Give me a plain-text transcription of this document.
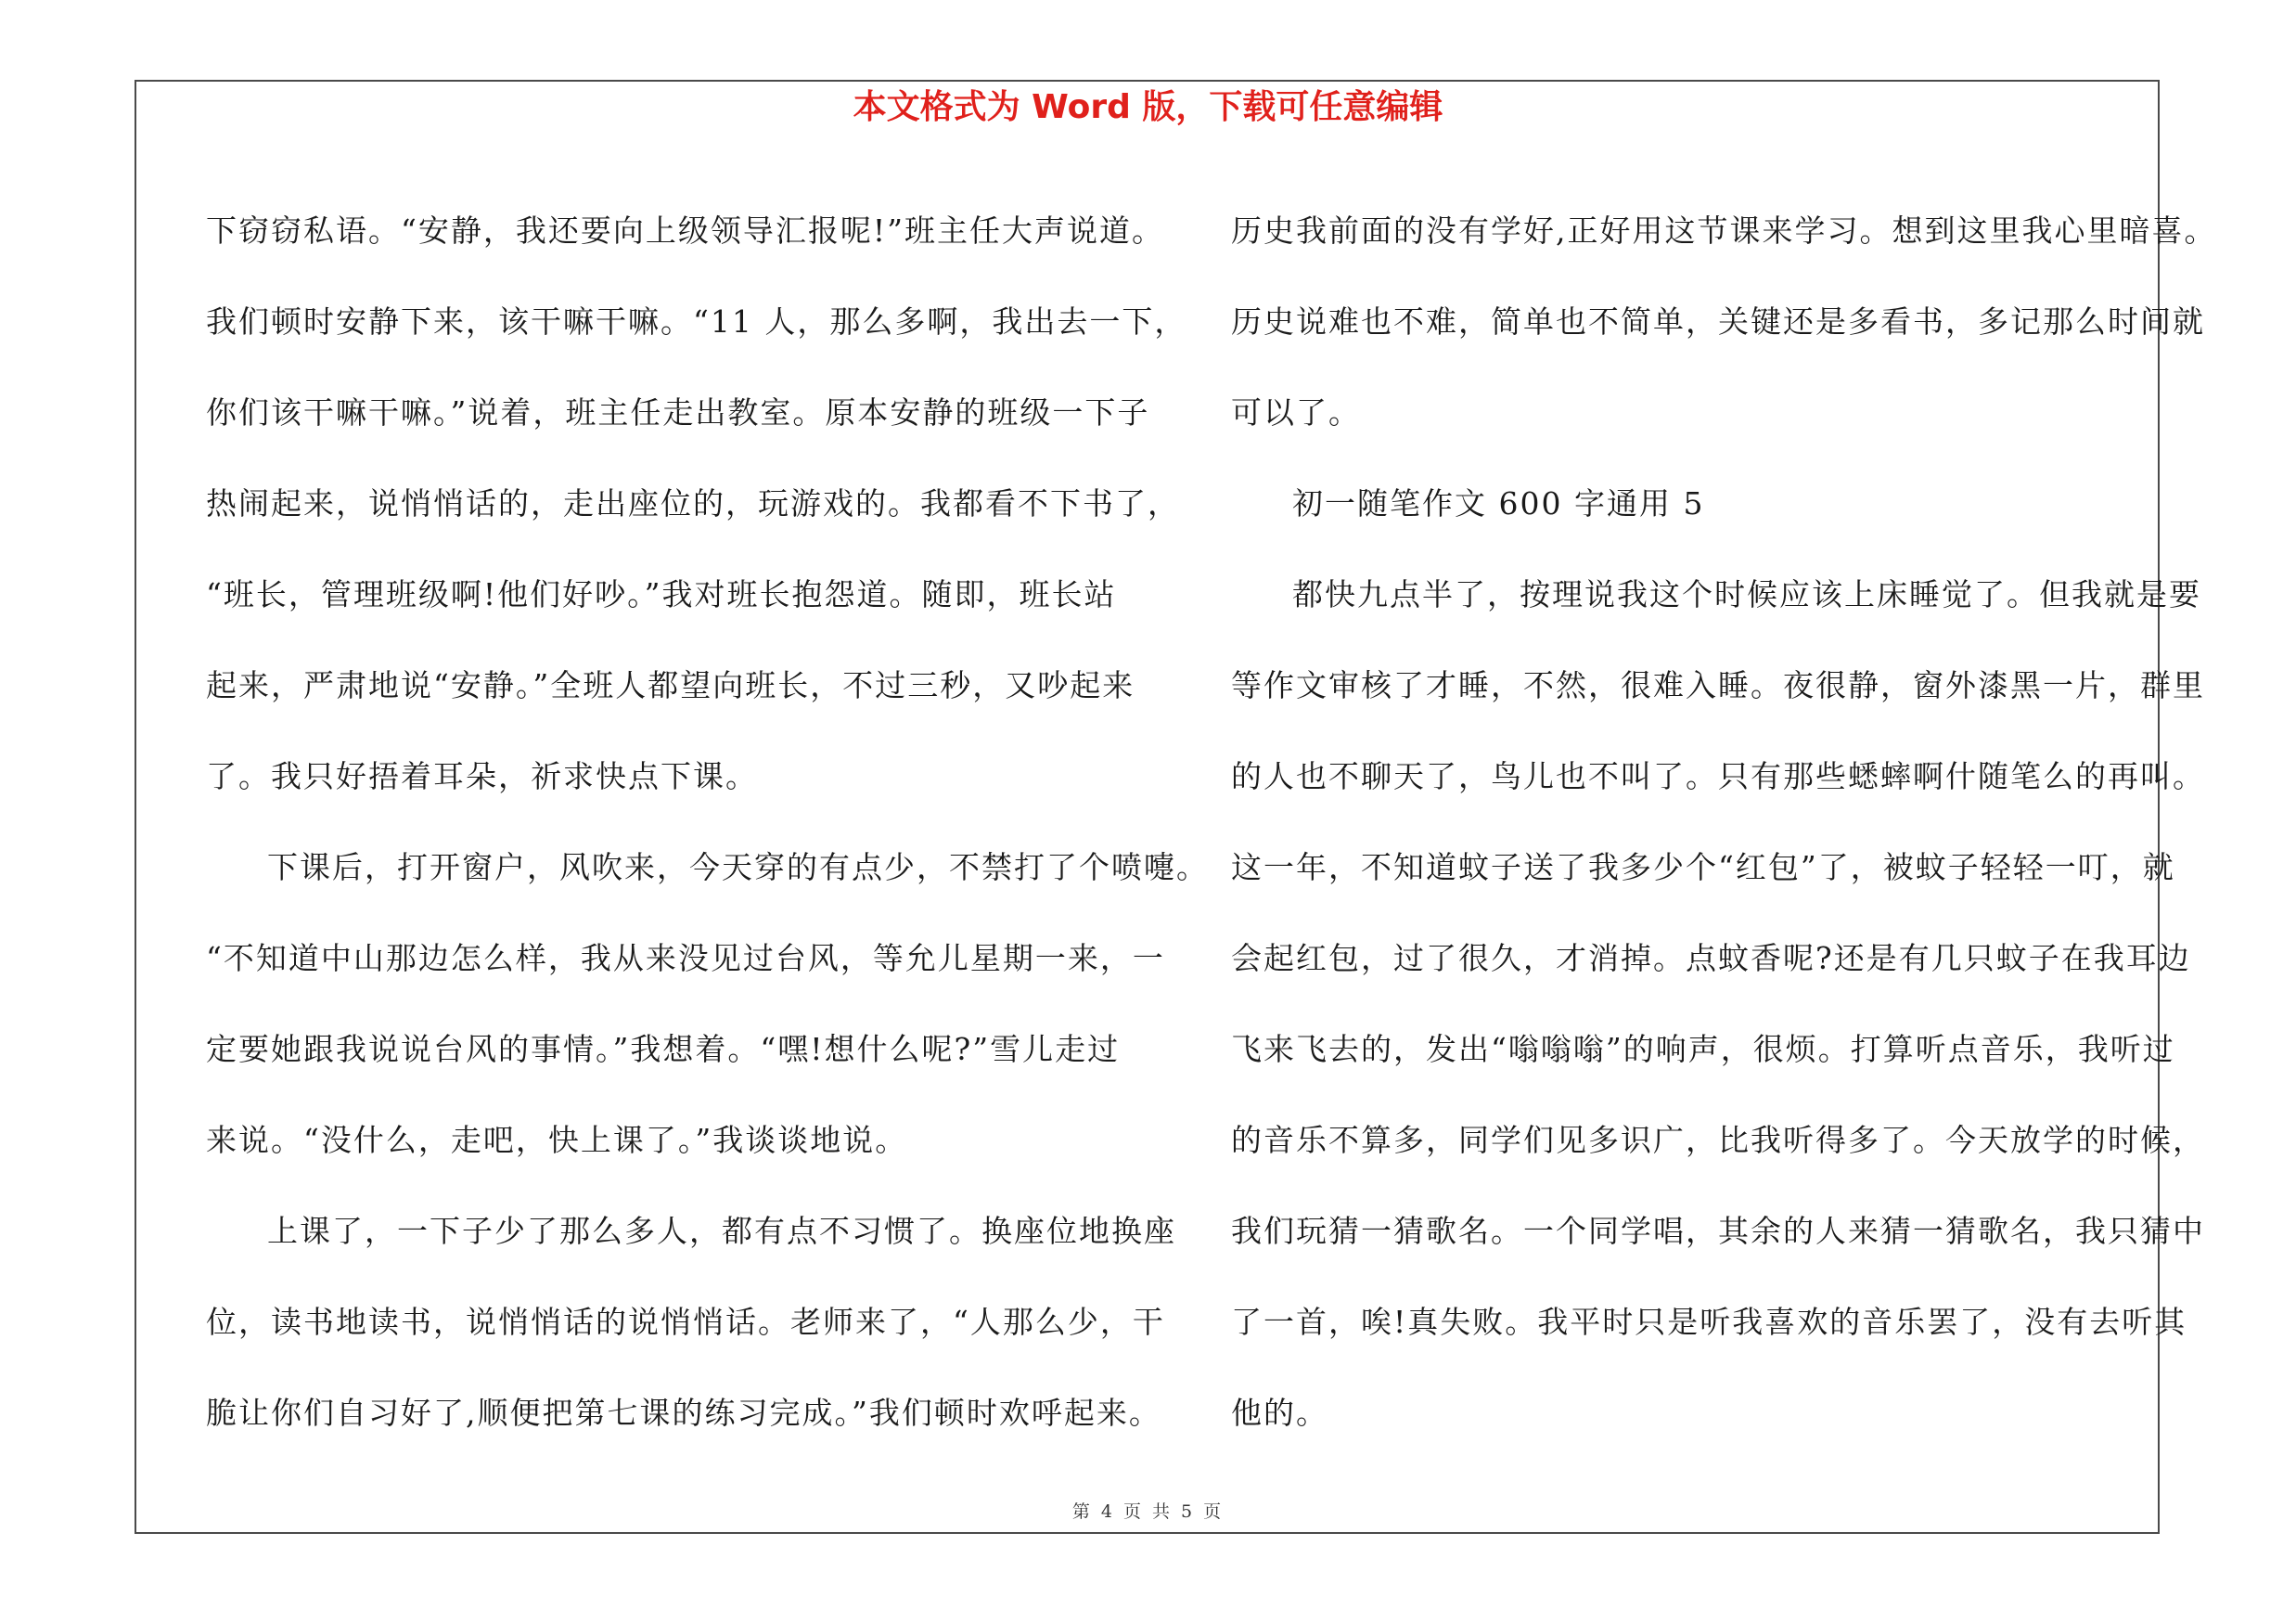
本文格式为 Word 版，下载可任意编辑
下窃窃私语。“安静，我还要向上级领导汇报呢!”班主任大声说道。
我们顿时安静下来，该干嘛干嘛。“11 人，那么多啊，我出去一下，
你们该干嘛干嘛。”说着，班主任走出教室。原本安静的班级一下子
热闹起来，说悄悄话的，走出座位的，玩游戏的。我都看不下书了，
“班长，管理班级啊!他们好吵。”我对班长抱怨道。随即，班长站
起来，严肃地说“安静。”全班人都望向班长，不过三秒，又吵起来
了。我只好捂着耳朵，祈求快点下课。
下课后，打开窗户，风吹来，今天穿的有点少，不禁打了个喷嚏。
“不知道中山那边怎么样，我从来没见过台风，等允儿星期一来，一
定要她跟我说说台风的事情。”我想着。“嘿!想什么呢?”雪儿走过
来说。“没什么，走吧，快上课了。”我谈谈地说。
上课了，一下子少了那么多人，都有点不习惯了。换座位地换座
位，读书地读书，说悄悄话的说悄悄话。老师来了，“人那么少，干
脆让你们自习好了,顺便把第七课的练习完成。”我们顿时欢呼起来。
历史我前面的没有学好,正好用这节课来学习。想到这里我心里暗喜。
历史说难也不难，简单也不简单，关键还是多看书，多记那么时间就
可以了。
初一随笔作文 600 字通用 5
都快九点半了，按理说我这个时候应该上床睡觉了。但我就是要
等作文审核了才睡，不然，很难入睡。夜很静，窗外漆黑一片，群里
的人也不聊天了，鸟儿也不叫了。只有那些蟋蟀啊什随笔么的再叫。
这一年，不知道蚊子送了我多少个“红包”了，被蚊子轻轻一叮，就
会起红包，过了很久，才消掉。点蚊香呢?还是有几只蚊子在我耳边
飞来飞去的，发出“嗡嗡嗡”的响声，很烦。打算听点音乐，我听过
的音乐不算多，同学们见多识广，比我听得多了。今天放学的时候，
我们玩猜一猜歌名。一个同学唱，其余的人来猜一猜歌名，我只猜中
了一首，唉!真失败。我平时只是听我喜欢的音乐罢了，没有去听其
他的。
第 4 页 共 5 页
